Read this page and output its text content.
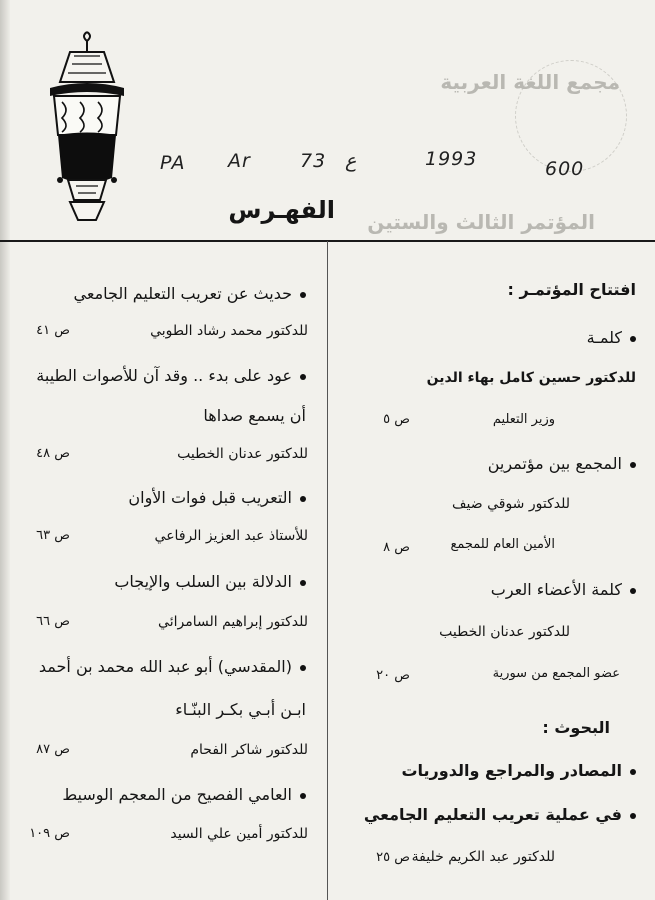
مجمع اللغة العربية
المؤتمر الثالث والستين
PA Ar	73 ع	1993	600
الفهـرس
افتتاح المؤتمـر :
كلمـة
للدكتور حسين كامل بهاء الدين
وزير التعليم
ص ٥
المجمع بين مؤتمرين
للدكتور شوقي ضيف
الأمين العام للمجمع
ص ٨
كلمة الأعضاء العرب
للدكتور عدنان الخطيب
عضو المجمع من سورية
ص ٢٠
البحوث :
المصادر والمراجع والدوريات
في عملية تعريب التعليم الجامعي
للدكتور عبد الكريم خليفة
ص ٢٥
حديث عن تعريب التعليم الجامعي
للدكتور محمد رشاد الطوبي
ص ٤١
عود على بدء .. وقد آن للأصوات الطيبة
أن يسمع صداها
للدكتور عدنان الخطيب
ص ٤٨
التعريب قبل فوات الأوان
للأستاذ عبد العزيز الرفاعي
ص ٦٣
الدلالة بين السلب والإيجاب
للدكتور إبراهيم السامرائي
ص ٦٦
(المقدسي) أبو عبد الله محمد بن أحمد
ابـن أبـي بكـر البنّـاء
للدكتور شاكر الفحام
ص ٨٧
العامي الفصيح من المعجم الوسيط
للدكتور أمين علي السيد
ص ١٠٩
